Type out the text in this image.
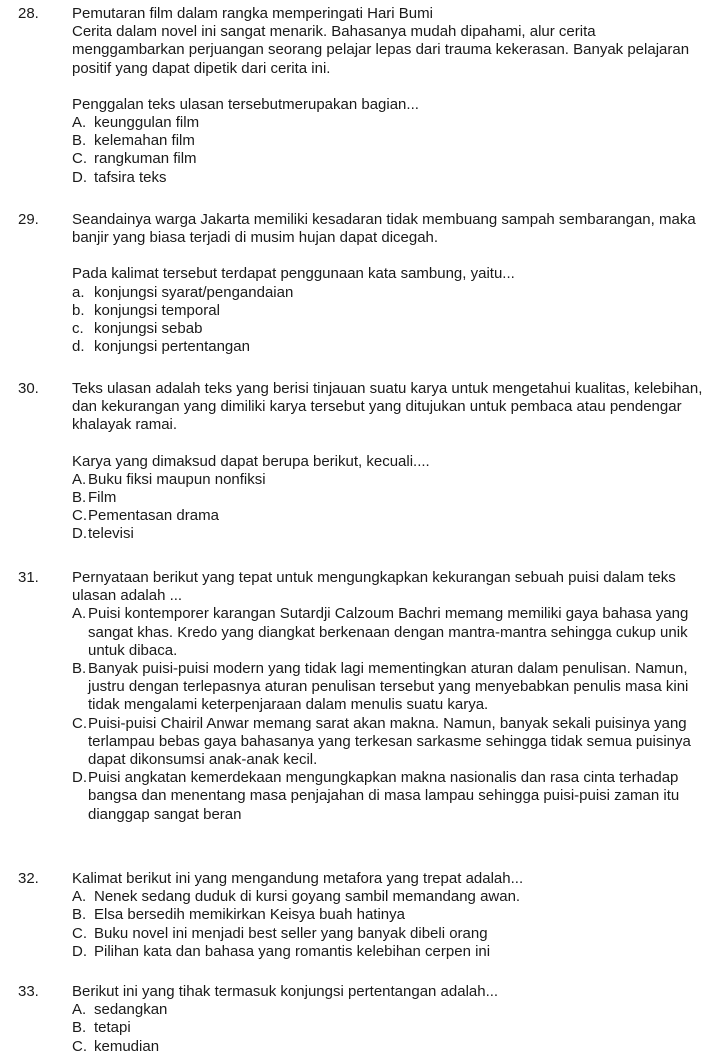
28.	Pemutaran film dalam rangka memperingati Hari Bumi

Cerita dalam novel ini sangat menarik. Bahasanya mudah dipahami, alur cerita menggambarkan perjuangan seorang pelajar lepas dari trauma kekerasan. Banyak pelajaran positif yang dapat dipetik dari cerita ini.

Penggalan teks ulasan tersebutmerupakan bagian...

A. keunggulan film
B. kelemahan film
C. rangkuman film
D. tafsira teks
29.	Seandainya warga Jakarta memiliki kesadaran tidak membuang sampah sembarangan, maka banjir yang biasa terjadi di musim hujan dapat dicegah.

Pada kalimat tersebut terdapat penggunaan kata sambung, yaitu...

a. konjungsi syarat/pengandaian
b. konjungsi temporal
c. konjungsi sebab
d. konjungsi pertentangan
30.	Teks ulasan adalah teks yang berisi tinjauan suatu karya untuk mengetahui kualitas, kelebihan, dan kekurangan yang dimiliki karya tersebut yang ditujukan untuk pembaca atau pendengar khalayak ramai.

Karya yang dimaksud dapat berupa berikut, kecuali....

A. Buku fiksi maupun nonfiksi
B. Film
C. Pementasan drama
D. televisi
31.	Pernyataan berikut yang tepat untuk mengungkapkan kekurangan sebuah puisi dalam teks ulasan adalah ...

A. Puisi kontemporer karangan Sutardji Calzoum Bachri memang memiliki gaya bahasa yang sangat khas. Kredo yang diangkat berkenaan dengan mantra-mantra sehingga cukup unik untuk dibaca.
B. Banyak puisi-puisi modern yang tidak lagi mementingkan aturan dalam penulisan. Namun, justru dengan terlepasnya aturan penulisan tersebut yang menyebabkan penulis masa kini tidak mengalami keterpenjaraan dalam menulis suatu karya.
C. Puisi-puisi Chairil Anwar memang sarat akan makna. Namun, banyak sekali puisinya yang terlampau bebas gaya bahasanya yang terkesan sarkasme sehingga tidak semua puisinya dapat dikonsumsi anak-anak kecil.
D. Puisi angkatan kemerdekaan mengungkapkan makna nasionalis dan rasa cinta terhadap bangsa dan menentang masa penjajahan di masa lampau sehingga puisi-puisi zaman itu dianggap sangat beran
32.	Kalimat berikut ini yang mengandung metafora yang trepat adalah...

A. Nenek sedang duduk di kursi goyang sambil memandang awan.
B. Elsa bersedih memikirkan Keisya buah hatinya
C. Buku novel ini menjadi best seller yang banyak dibeli orang
D. Pilihan kata dan bahasa yang romantis kelebihan cerpen ini
33.	Berikut ini yang tihak termasuk konjungsi pertentangan adalah...

A. sedangkan
B. tetapi
C. kemudian
